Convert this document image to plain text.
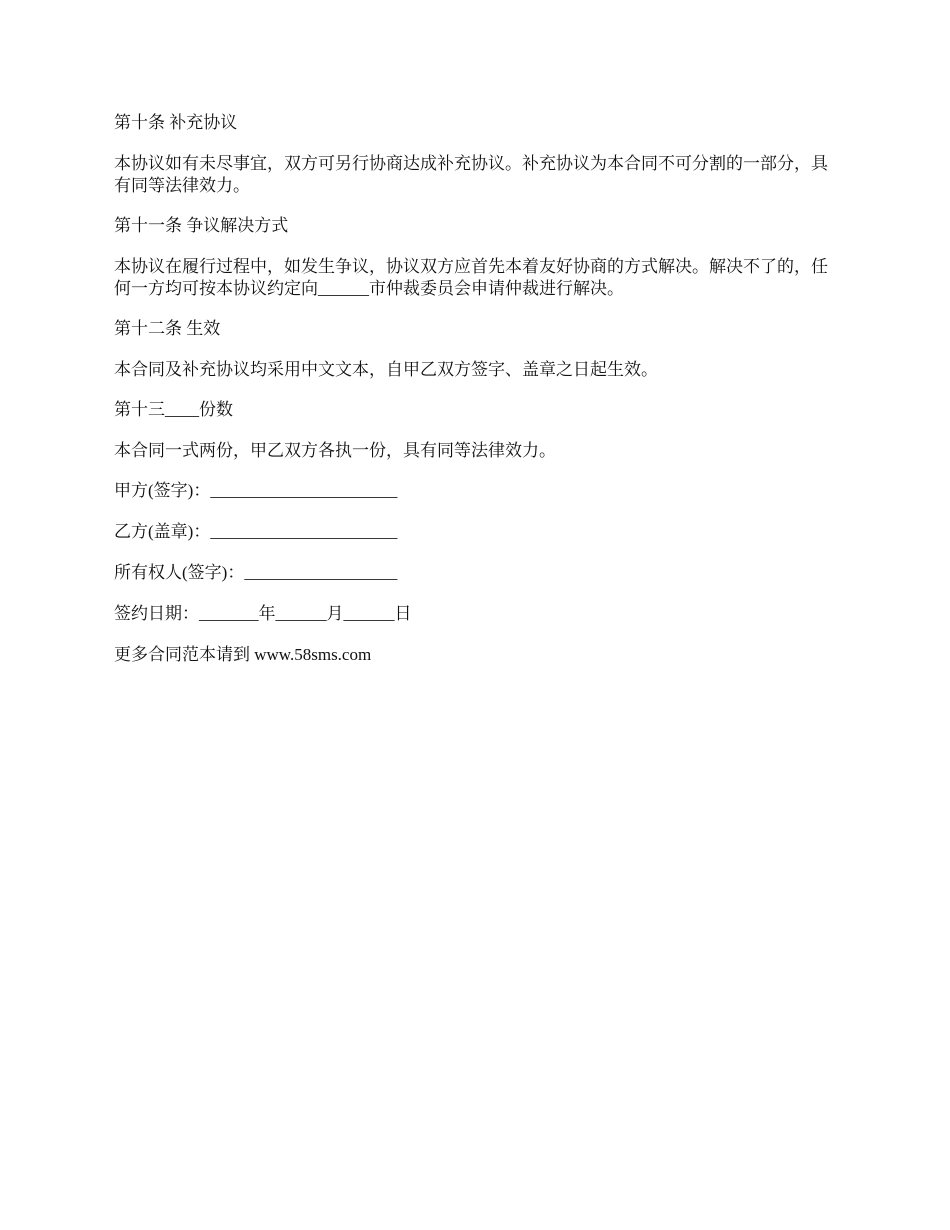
第十条 补充协议

本协议如有未尽事宜，双方可另行协商达成补充协议。补充协议为本合同不可分割的一部分，具有同等法律效力。

第十一条 争议解决方式

本协议在履行过程中，如发生争议，协议双方应首先本着友好协商的方式解决。解决不了的，任何一方均可按本协议约定向______市仲裁委员会申请仲裁进行解决。

第十二条 生效

本合同及补充协议均采用中文文本，自甲乙双方签字、盖章之日起生效。

第十三____份数

本合同一式两份，甲乙双方各执一份，具有同等法律效力。

甲方(签字)：______________________

乙方(盖章)：______________________

所有权人(签字)：__________________

签约日期：_______年______月______日

更多合同范本请到 www.58sms.com
